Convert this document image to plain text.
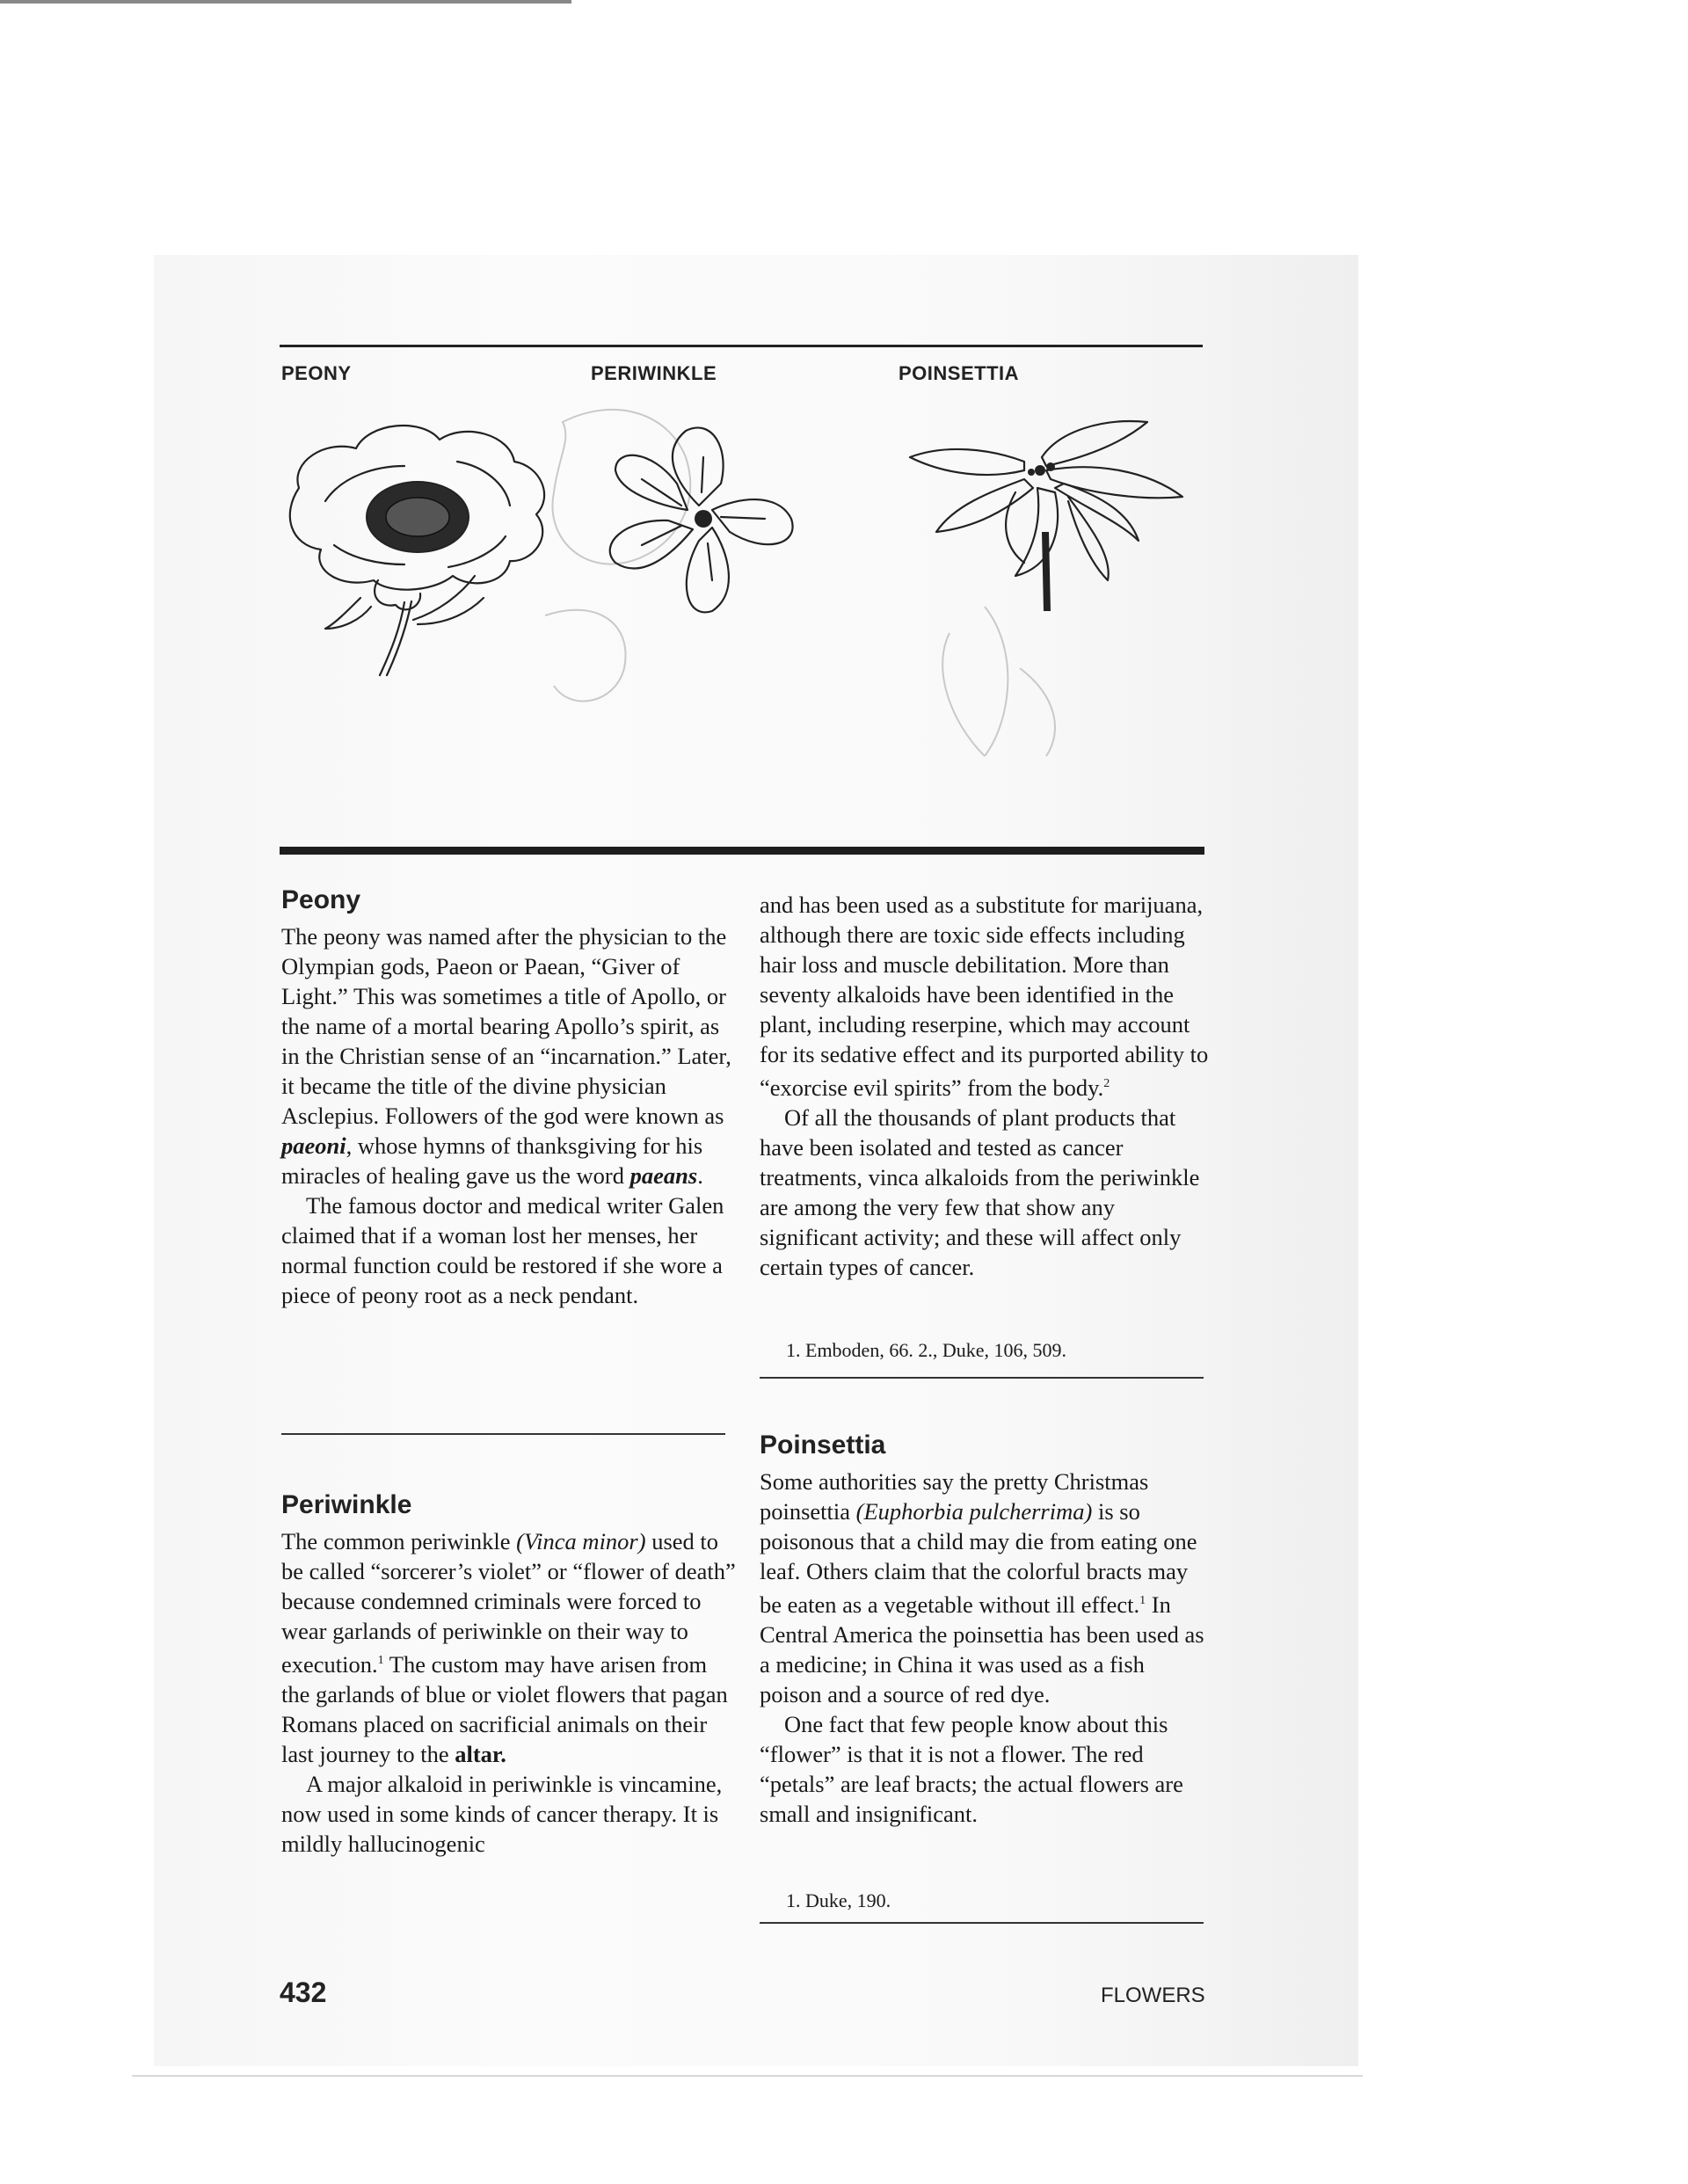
PEONY	PERIWINKLE	POINSETTIA
Peony

The peony was named after the physician to the Olympian gods, Paeon or Paean, “Giver of Light.” This was sometimes a title of Apollo, or the name of a mortal bearing Apollo’s spirit, as in the Christian sense of an “incarnation.” Later, it became the title of the divine physician Asclepius. Followers of the god were known as paeoni, whose hymns of thanksgiving for his miracles of healing gave us the word paeans.

The famous doctor and medical writer Galen claimed that if a woman lost her menses, her normal function could be restored if she wore a piece of peony root as a neck pendant.

Periwinkle

The common periwinkle (Vinca minor) used to be called “sorcerer’s violet” or “flower of death” because condemned criminals were forced to wear garlands of periwinkle on their way to execution.$^1$ The custom may have arisen from the garlands of blue or violet flowers that pagan Romans placed on sacrificial animals on their last journey to the altar.

A major alkaloid in periwinkle is vincamine, now used in some kinds of cancer therapy. It is mildly hallucinogenic

and has been used as a substitute for marijuana, although there are toxic side effects including hair loss and muscle debilitation. More than seventy alkaloids have been identified in the plant, including reserpine, which may account for its sedative effect and its purported ability to “exorcise evil spirits” from the body.$^2$

Of all the thousands of plant products that have been isolated and tested as cancer treatments, vinca alkaloids from the periwinkle are among the very few that show any significant activity; and these will affect only certain types of cancer.

1. Emboden, 66. 2., Duke, 106, 509.
Poinsettia

Some authorities say the pretty Christmas poinsettia (Euphorbia pulcherrima) is so poisonous that a child may die from eating one leaf. Others claim that the colorful bracts may be eaten as a vegetable without ill effect.$^1$ In Central America the poinsettia has been used as a medicine; in China it was used as a fish poison and a source of red dye.

One fact that few people know about this “flower” is that it is not a flower. The red “petals” are leaf bracts; the actual flowers are small and insignificant.

1. Duke, 190.
432	FLOWERS
